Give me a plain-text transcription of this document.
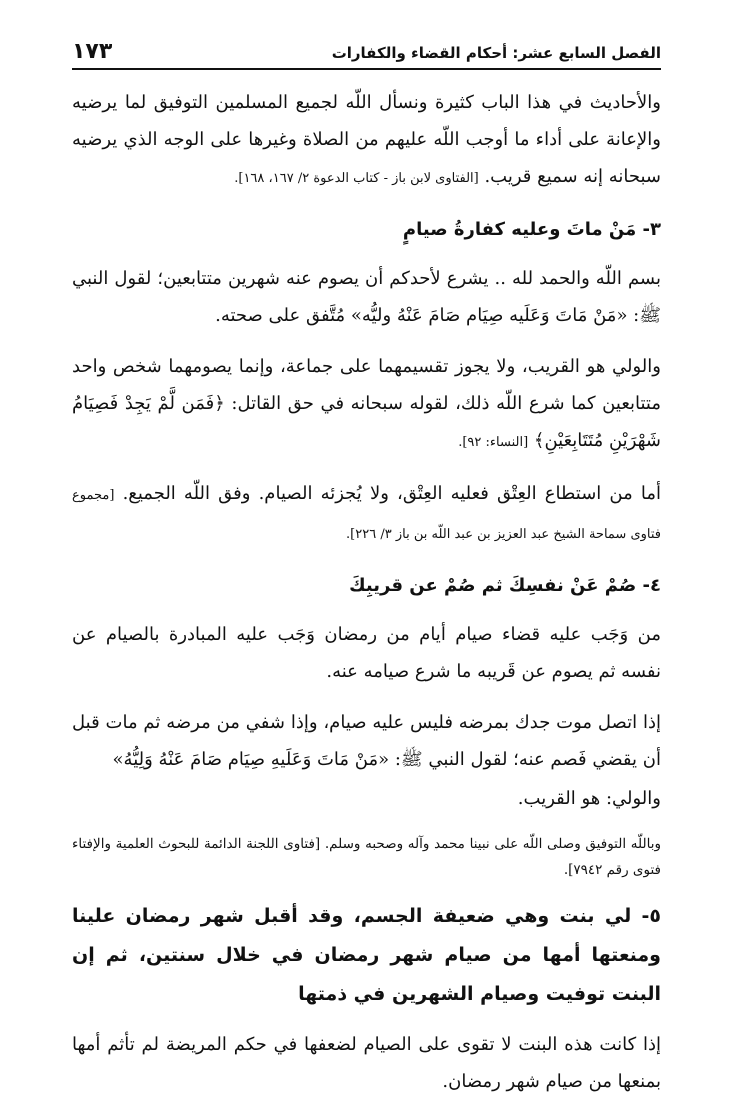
الفصل السابع عشر: أحكام القضاء والكفارات
١٧٣

والأحاديث في هذا الباب كثيرة ونسأل اللّه لجميع المسلمين التوفيق لما يرضيه والإعانة على أداء ما أوجب اللّه عليهم من الصلاة وغيرها على الوجه الذي يرضيه سبحانه إنه سميع قريب. [الفتاوى لابن باز - كتاب الدعوة ٢/ ١٦٧، ١٦٨].

٣- مَنْ ماتَ وعليه كفارةُ صيامٍ

بسم اللّه والحمد لله .. يشرع لأحدكم أن يصوم عنه شهرين متتابعين؛ لقول النبي ﷺ: «مَنْ مَاتَ وَعَلَيه صِيَام صَامَ عَنْهُ وليُّه» مُتَّفق على صحته.

والولي هو القريب، ولا يجوز تقسيمهما على جماعة، وإنما يصومهما شخص واحد متتابعين كما شرع اللّه ذلك، لقوله سبحانه في حق القاتل: ﴿فَمَن لَّمْ يَجِدْ فَصِيَامُ شَهْرَيْنِ مُتَتَابِعَيْنِ﴾ [النساء: ٩٢].

أما من استطاع العِتْق فعليه العِتْق، ولا يُجزئه الصيام. وفق اللّه الجميع. [مجموع فتاوى سماحة الشيخ عبد العزيز بن عبد اللّه بن باز ٣/ ٢٢٦].

٤- صُمْ عَنْ نفسِكَ ثم صُمْ عن قريبِكَ

من وَجَب عليه قضاء صيام أيام من رمضان وَجَب عليه المبادرة بالصيام عن نفسه ثم يصوم عن قَريبه ما شرع صيامه عنه.

إذا اتصل موت جدك بمرضه فليس عليه صيام، وإذا شفي من مرضه ثم مات قبل أن يقضي فَصم عنه؛ لقول النبي ﷺ: «مَنْ مَاتَ وَعَلَيهِ صِيَام صَامَ عَنْهُ وَلِيُّهُ»

والولي: هو القريب.

وباللّه التوفيق وصلى اللّه على نبينا محمد وآله وصحبه وسلم. [فتاوى اللجنة الدائمة للبحوث العلمية والإفتاء فتوى رقم ٧٩٤٢].

٥- لي بنت وهي ضعيفة الجسم، وقد أقبل شهر رمضان علينا ومنعتها أمها من صيام شهر رمضان في خلال سنتين، ثم إن البنت توفيت وصيام الشهرين في ذمتها

إذا كانت هذه البنت لا تقوى على الصيام لضعفها في حكم المريضة لم تأثم أمها بمنعها من صيام شهر رمضان.
